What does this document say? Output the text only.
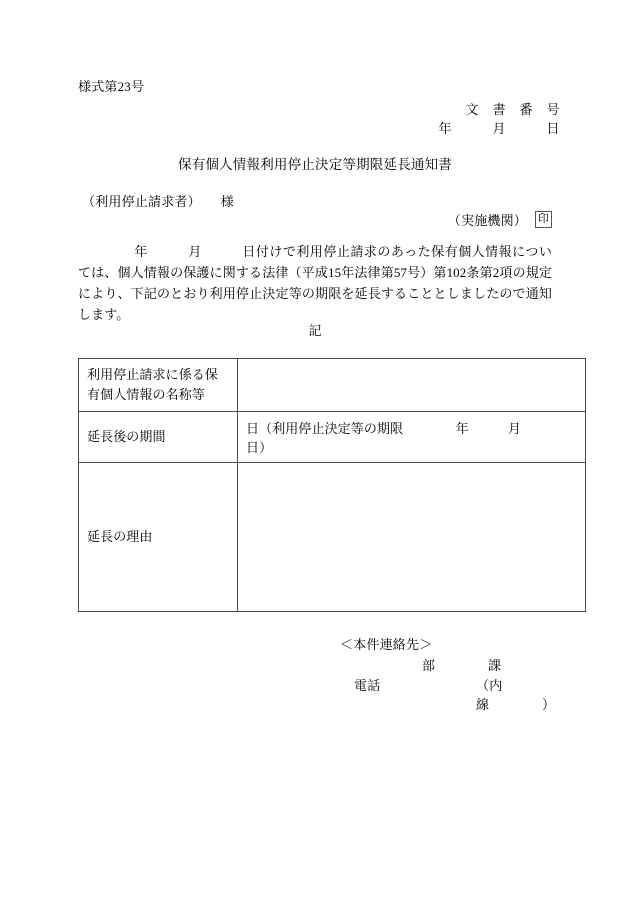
様式第23号
文　書　番　号
年　　　月　　　日
保有個人情報利用停止決定等期限延長通知書
（利用停止請求者）　　様
（実施機関） 印
年　　　月　　　日付けで利用停止請求のあった保有個人情報については、個人情報の保護に関する法律（平成15年法律第57号）第102条第2項の規定により、下記のとおり利用停止決定等の期限を延長することとしましたので通知します。
記
利用停止請求に係る保有個人情報の名称等	
延長後の期間	日（利用停止決定等の期限　　　　年　　　月　　　日）
延長の理由	
＜本件連絡先＞
部	課
電話	（内線　　　　）
